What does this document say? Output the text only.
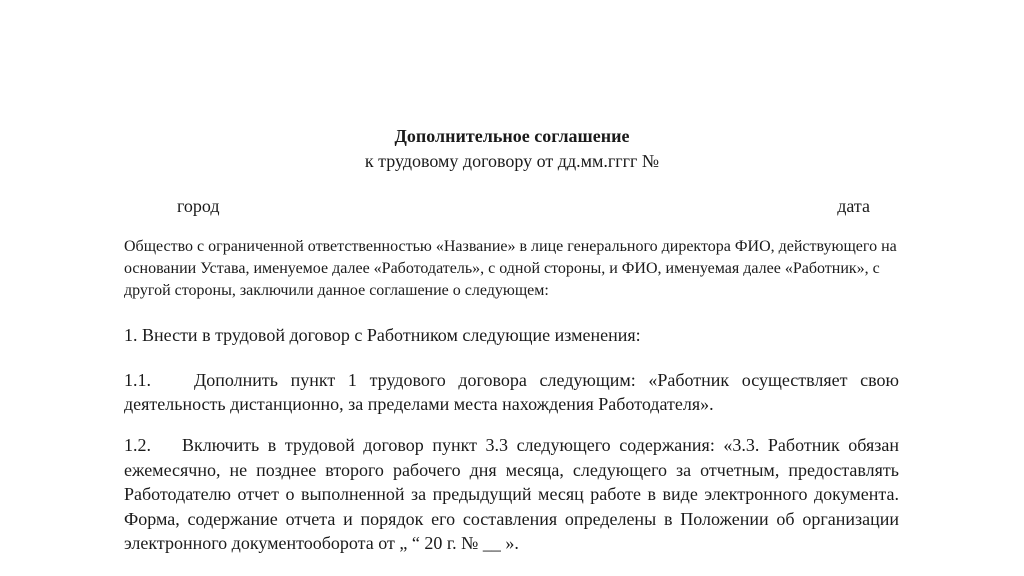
Дополнительное соглашение
к трудовому договору от дд.мм.гггг №
город	дата
Общество с ограниченной ответственностью «Название» в лице генерального директора ФИО, действующего на основании Устава, именуемое далее «Работодатель», с одной стороны, и ФИО, именуемая далее «Работник», с другой стороны, заключили данное соглашение о следующем:
1. Внести в трудовой договор с Работником следующие изменения:
1.1. Дополнить пункт 1 трудового договора следующим: «Работник осуществляет свою деятельность дистанционно, за пределами места нахождения Работодателя».
1.2. Включить в трудовой договор пункт 3.3 следующего содержания: «3.3. Работник обязан ежемесячно, не позднее второго рабочего дня месяца, следующего за отчетным, предоставлять Работодателю отчет о выполненной за предыдущий месяц работе в виде электронного документа. Форма, содержание отчета и порядок его составления определены в Положении об организации электронного документооборота от „ “ 20 г. № __ ».
